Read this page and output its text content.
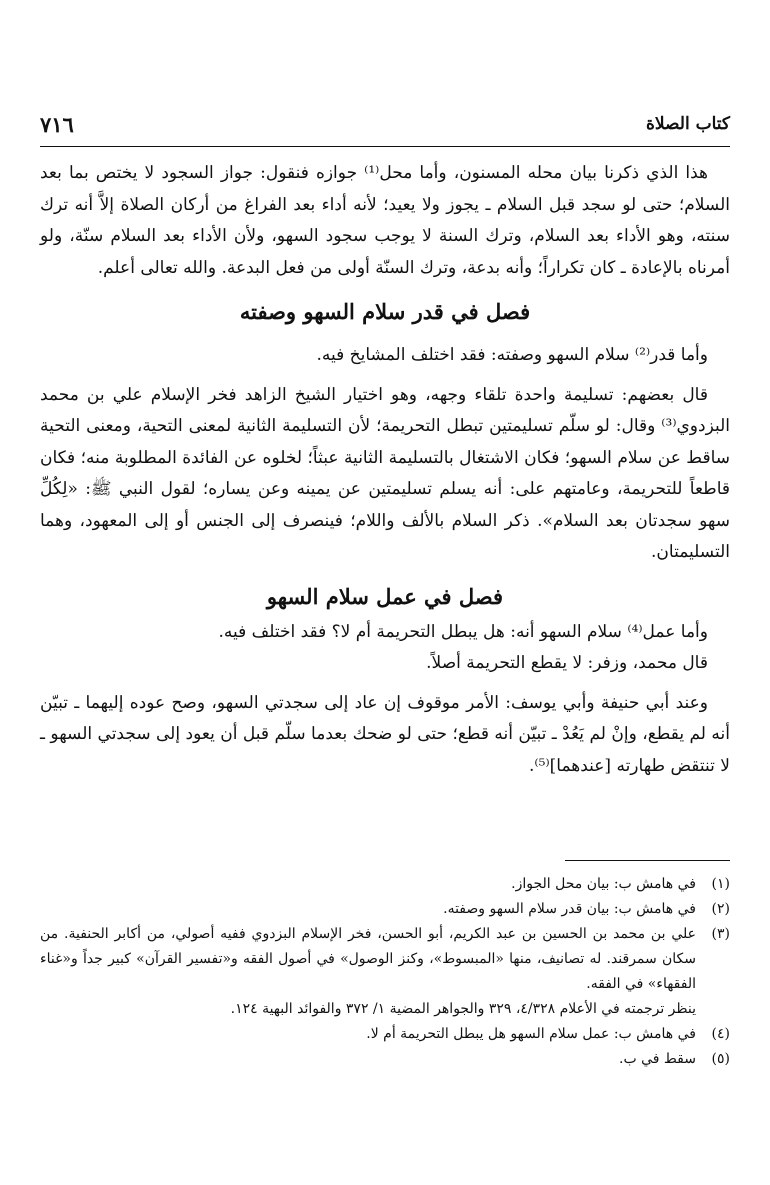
٧١٦	كتاب الصلاة

هذا الذي ذكرنا بيان محله المسنون، وأما محل⁽¹⁾ جوازه فنقول: جواز السجود لا يختص بما بعد السلام؛ حتى لو سجد قبل السلام ـ يجوز ولا يعيد؛ لأنه أداء بعد الفراغ من أركان الصلاة إلاَّ أنه ترك سنته، وهو الأداء بعد السلام، وترك السنة لا يوجب سجود السهو، ولأن الأداء بعد السلام سنّة، ولو أمرناه بالإعادة ـ كان تكراراً؛ وأنه بدعة، وترك السنّة أولى من فعل البدعة. والله تعالى أعلم.

فصل في قدر سلام السهو وصفته

وأما قدر⁽²⁾ سلام السهو وصفته: فقد اختلف المشايخ فيه.

قال بعضهم: تسليمة واحدة تلقاء وجهه، وهو اختيار الشيخ الزاهد فخر الإسلام علي بن محمد البزدوي⁽³⁾ وقال: لو سلّم تسليمتين تبطل التحريمة؛ لأن التسليمة الثانية لمعنى التحية، ومعنى التحية ساقط عن سلام السهو؛ فكان الاشتغال بالتسليمة الثانية عبثاً؛ لخلوه عن الفائدة المطلوبة منه؛ فكان قاطعاً للتحريمة، وعامتهم على: أنه يسلم تسليمتين عن يمينه وعن يساره؛ لقول النبي ﷺ: «لِكُلِّ سهو سجدتان بعد السلام». ذكر السلام بالألف واللام؛ فينصرف إلى الجنس أو إلى المعهود، وهما التسليمتان.

فصل في عمل سلام السهو

وأما عمل⁽⁴⁾ سلام السهو أنه: هل يبطل التحريمة أم لا؟ فقد اختلف فيه.

قال محمد، وزفر: لا يقطع التحريمة أصلاً.

وعند أبي حنيفة وأبي يوسف: الأمر موقوف إن عاد إلى سجدتي السهو، وصح عوده إليهما ـ تبيّن أنه لم يقطع، وإنْ لم يَعُدْ ـ تبيّن أنه قطع؛ حتى لو ضحك بعدما سلّم قبل أن يعود إلى سجدتي السهو ـ لا تنتقض طهارته [عندهما]⁽⁵⁾.

(١)
في هامش ب: بيان محل الجواز.
(٢)
في هامش ب: بيان قدر سلام السهو وصفته.
(٣)
علي بن محمد بن الحسين بن عبد الكريم، أبو الحسن، فخر الإسلام البزدوي ففيه أصولي، من أكابر الحنفية. من سكان سمرقند. له تصانيف، منها «المبسوط»، وكنز الوصول» في أصول الفقه و«تفسير القرآن» كبير جداً و«غناء الفقهاء» في الفقه.
ينظر ترجمته في الأعلام ٤/٣٢٨، ٣٢٩ والجواهر المضية ١/ ٣٧٢ والفوائد البهية ١٢٤.
(٤)
في هامش ب: عمل سلام السهو هل يبطل التحريمة أم لا.
(٥)
سقط في ب.
